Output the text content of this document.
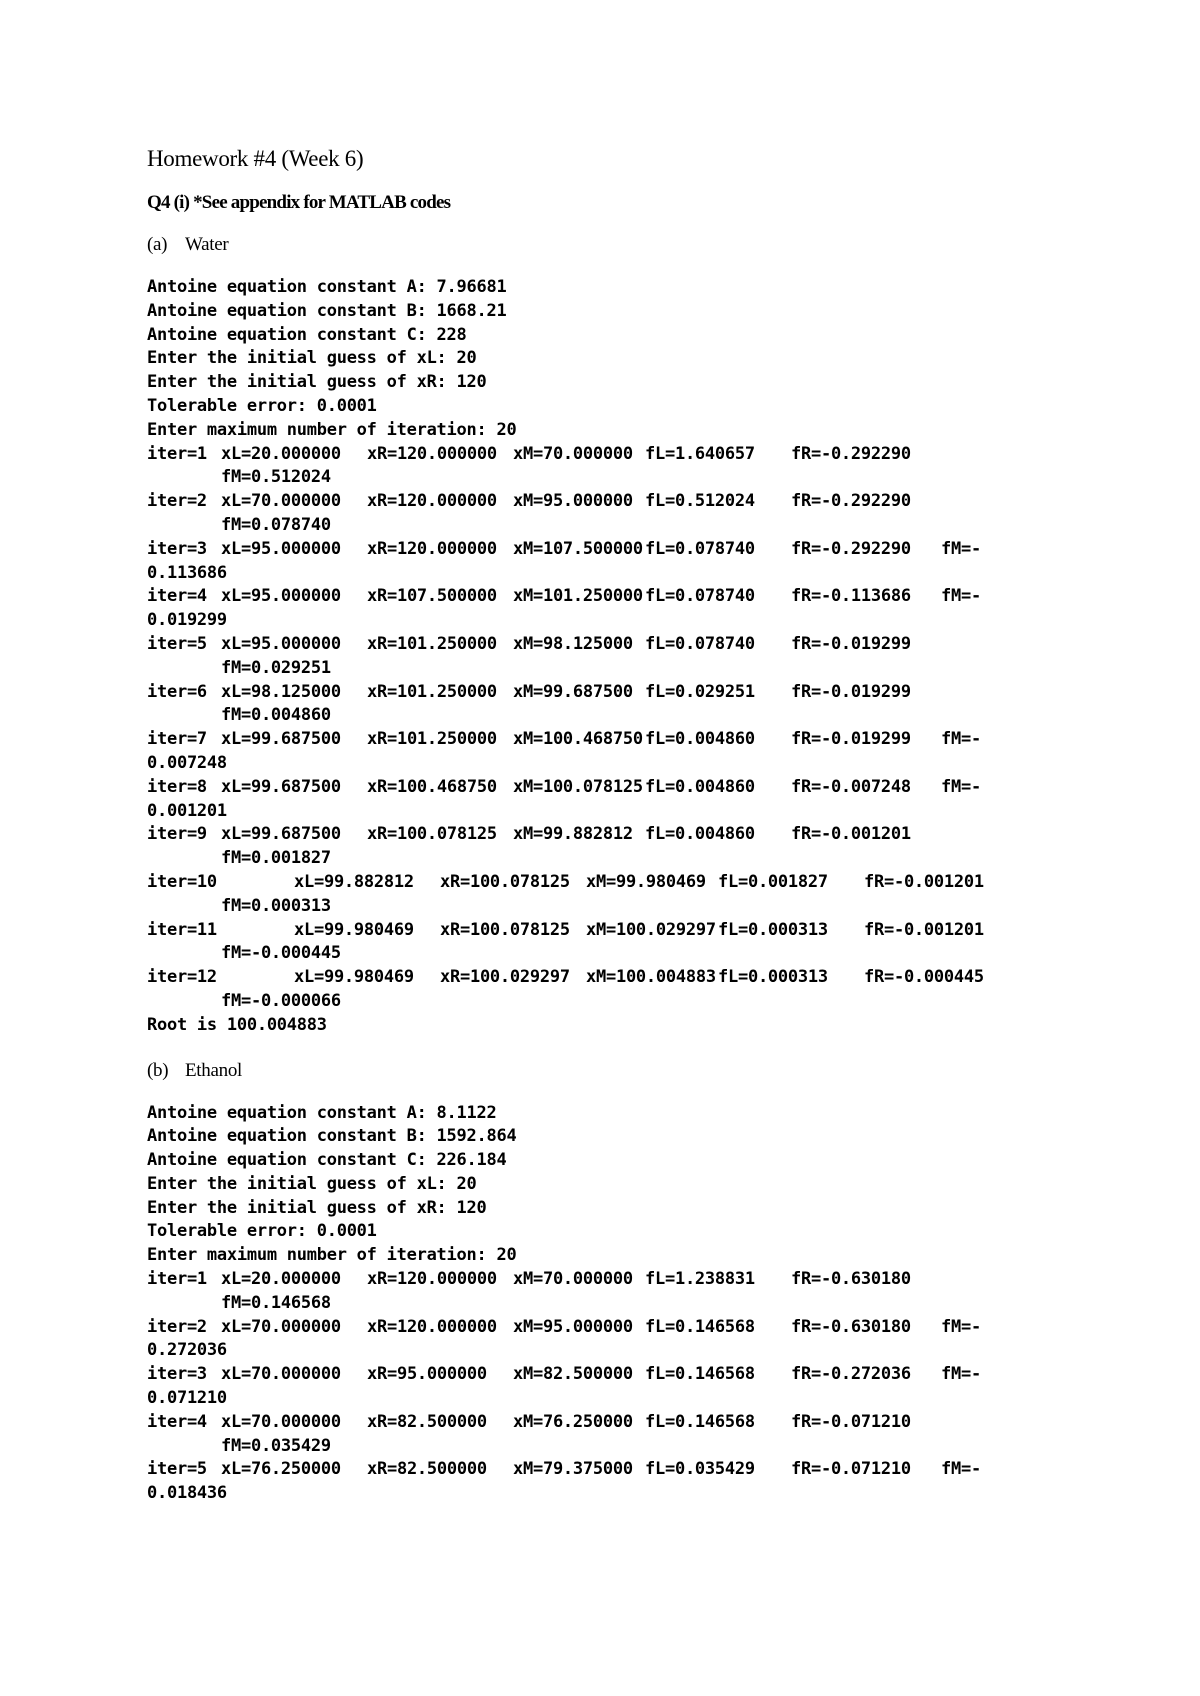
Homework #4 (Week 6)
Q4 (i) *See appendix for MATLAB codes
(a) Water
Antoine equation constant A: 7.96681
Antoine equation constant B: 1668.21
Antoine equation constant C: 228
Enter the initial guess of xL: 20
Enter the initial guess of xR: 120
Tolerable error: 0.0001
Enter maximum number of iteration: 20
iter=1 xL=20.000000	xR=120.000000 xM=70.000000 fL=1.640657	fR=-0.292290
fM=0.512024
iter=2 xL=70.000000	xR=120.000000 xM=95.000000 fL=0.512024	fR=-0.292290
fM=0.078740
iter=3 xL=95.000000	xR=120.000000 xM=107.500000 fL=0.078740	fR=-0.292290	fM=-
0.113686
iter=4 xL=95.000000	xR=107.500000 xM=101.250000 fL=0.078740	fR=-0.113686	fM=-
0.019299
iter=5 xL=95.000000	xR=101.250000 xM=98.125000 fL=0.078740	fR=-0.019299
fM=0.029251
iter=6 xL=98.125000	xR=101.250000 xM=99.687500 fL=0.029251	fR=-0.019299
fM=0.004860
iter=7 xL=99.687500	xR=101.250000 xM=100.468750 fL=0.004860	fR=-0.019299	fM=-
0.007248
iter=8 xL=99.687500	xR=100.468750 xM=100.078125 fL=0.004860	fR=-0.007248	fM=-
0.001201
iter=9 xL=99.687500	xR=100.078125 xM=99.882812 fL=0.004860	fR=-0.001201
fM=0.001827
iter=10	xL=99.882812	xR=100.078125 xM=99.980469 fL=0.001827	fR=-0.001201
fM=0.000313
iter=11	xL=99.980469	xR=100.078125 xM=100.029297 fL=0.000313	fR=-0.001201
fM=-0.000445
iter=12	xL=99.980469	xR=100.029297 xM=100.004883 fL=0.000313	fR=-0.000445
fM=-0.000066
Root is 100.004883
(b) Ethanol
Antoine equation constant A: 8.1122
Antoine equation constant B: 1592.864
Antoine equation constant C: 226.184
Enter the initial guess of xL: 20
Enter the initial guess of xR: 120
Tolerable error: 0.0001
Enter maximum number of iteration: 20
iter=1 xL=20.000000	xR=120.000000 xM=70.000000 fL=1.238831	fR=-0.630180
fM=0.146568
iter=2 xL=70.000000	xR=120.000000 xM=95.000000 fL=0.146568	fR=-0.630180	fM=-
0.272036
iter=3 xL=70.000000	xR=95.000000	xM=82.500000 fL=0.146568	fR=-0.272036	fM=-
0.071210
iter=4 xL=70.000000	xR=82.500000	xM=76.250000 fL=0.146568	fR=-0.071210
fM=0.035429
iter=5 xL=76.250000	xR=82.500000	xM=79.375000 fL=0.035429	fR=-0.071210	fM=-
0.018436
